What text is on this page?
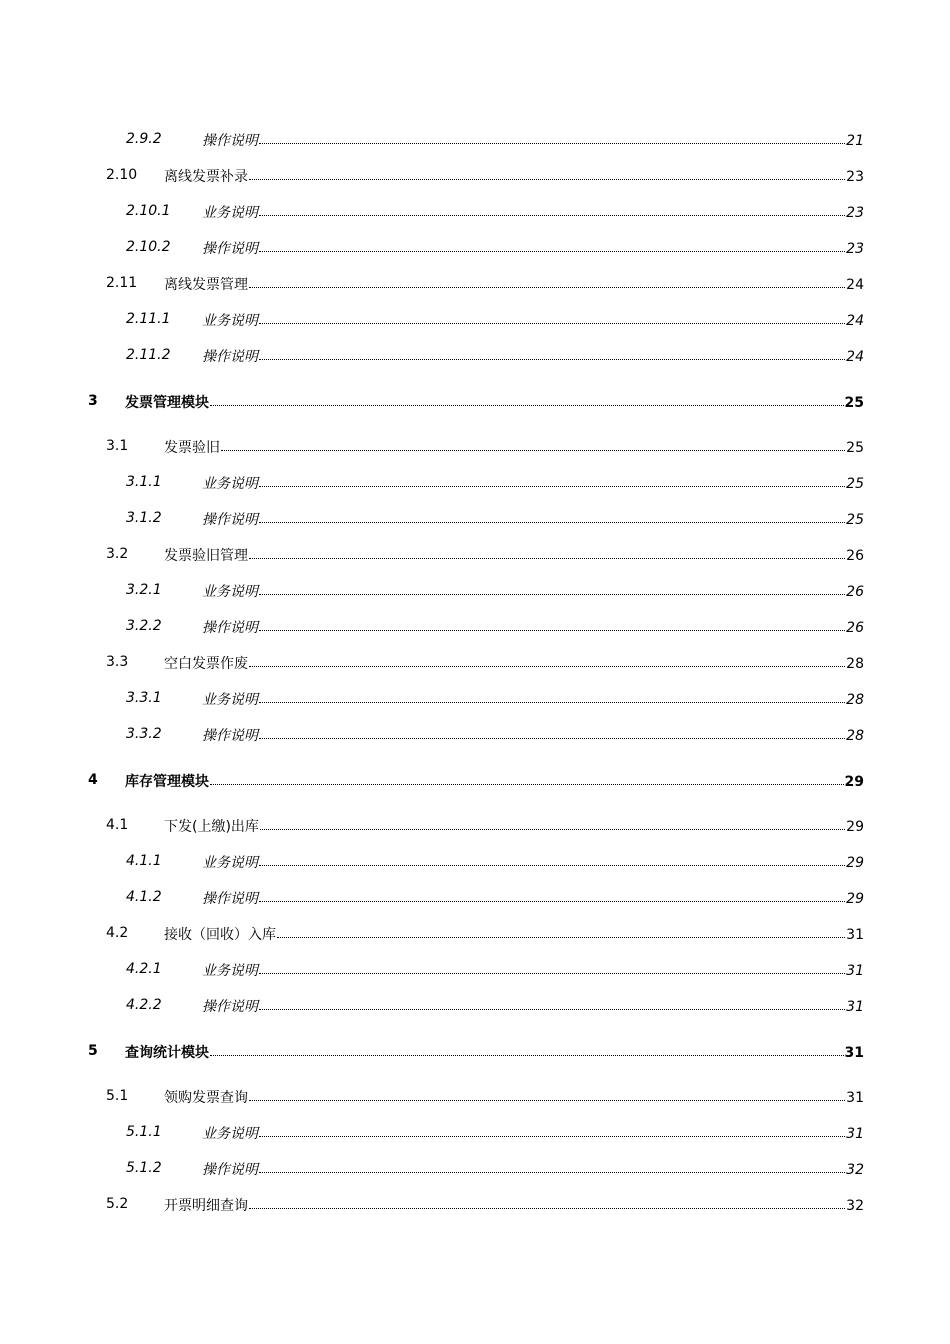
2.9.2	操作说明	21
2.10 离线发票补录	23
2.10.1 业务说明	23
2.10.2 操作说明	23
2.11 离线发票管理	24
2.11.1 业务说明	24
2.11.2 操作说明	24
3 发票管理模块	25
3.1	发票验旧	25
3.1.1	业务说明	25
3.1.2	操作说明	25
3.2	发票验旧管理	26
3.2.1	业务说明	26
3.2.2	操作说明	26
3.3	空白发票作废	28
3.3.1	业务说明	28
3.3.2	操作说明	28
4 库存管理模块	29
4.1	下发(上缴)出库	29
4.1.1	业务说明	29
4.1.2	操作说明	29
4.2	接收（回收）入库	31
4.2.1	业务说明	31
4.2.2	操作说明	31
5 查询统计模块	31
5.1	领购发票查询	31
5.1.1	业务说明	31
5.1.2	操作说明	32
5.2	开票明细查询	32
